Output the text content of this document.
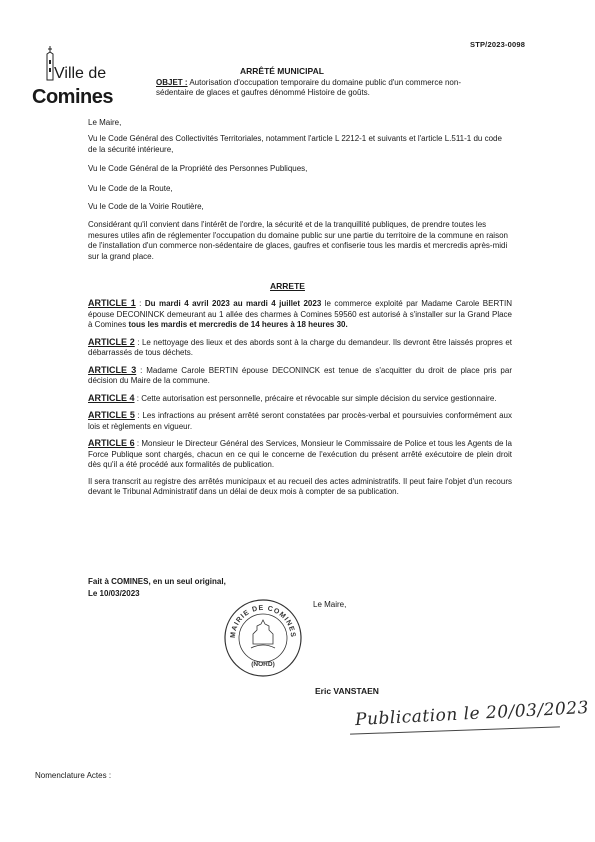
STP/2023-0098
Ville de
Comines
ARRÊTÉ MUNICIPAL
OBJET : Autorisation d'occupation temporaire du domaine public d'un commerce non-sédentaire de glaces et gaufres dénommé Histoire de goûts.
Le Maire,
Vu le Code Général des Collectivités Territoriales, notamment l'article L 2212-1 et suivants et l'article L.511-1 du code de la sécurité intérieure,
Vu le Code Général de la Propriété des Personnes Publiques,
Vu le Code de la Route,
Vu le Code de la Voirie Routière,
Considérant qu'il convient dans l'intérêt de l'ordre, la sécurité et de la tranquillité publiques, de prendre toutes les mesures utiles afin de réglementer l'occupation du domaine public sur une partie du territoire de la commune en raison de l'installation d'un commerce non-sédentaire de glaces, gaufres et confiserie tous les mardis et mercredis après-midi sur la grand place.
ARRETE

ARTICLE 1 : Du mardi 4 avril 2023 au mardi 4 juillet 2023 le commerce exploité par Madame Carole BERTIN épouse DECONINCK demeurant au 1 allée des charmes à Comines 59560 est autorisé à s'installer sur la Grand Place à Comines tous les mardis et mercredis de 14 heures à 18 heures 30.

ARTICLE 2 : Le nettoyage des lieux et des abords sont à la charge du demandeur. Ils devront être laissés propres et débarrassés de tous déchets.

ARTICLE 3 : Madame Carole BERTIN épouse DECONINCK est tenue de s'acquitter du droit de place pris par décision du Maire de la commune.

ARTICLE 4 : Cette autorisation est personnelle, précaire et révocable sur simple décision du service gestionnaire.

ARTICLE 5 : Les infractions au présent arrêté seront constatées par procès-verbal et poursuivies conformément aux lois et règlements en vigueur.

ARTICLE 6 : Monsieur le Directeur Général des Services, Monsieur le Commissaire de Police et tous les Agents de la Force Publique sont chargés, chacun en ce qui le concerne de l'exécution du présent arrêté exécutoire de plein droit dès qu'il a été procédé aux formalités de publication.

Il sera transcrit au registre des arrêtés municipaux et au recueil des actes administratifs. Il peut faire l'objet d'un recours devant le Tribunal Administratif dans un délai de deux mois à compter de sa publication.

Fait à COMINES, en un seul original,
Le 10/03/2023
Le Maire,
MAIRIE DE COMINES
(NORD)
Eric VANSTAEN
Publication le 20/03/2023
Nomenclature Actes :
